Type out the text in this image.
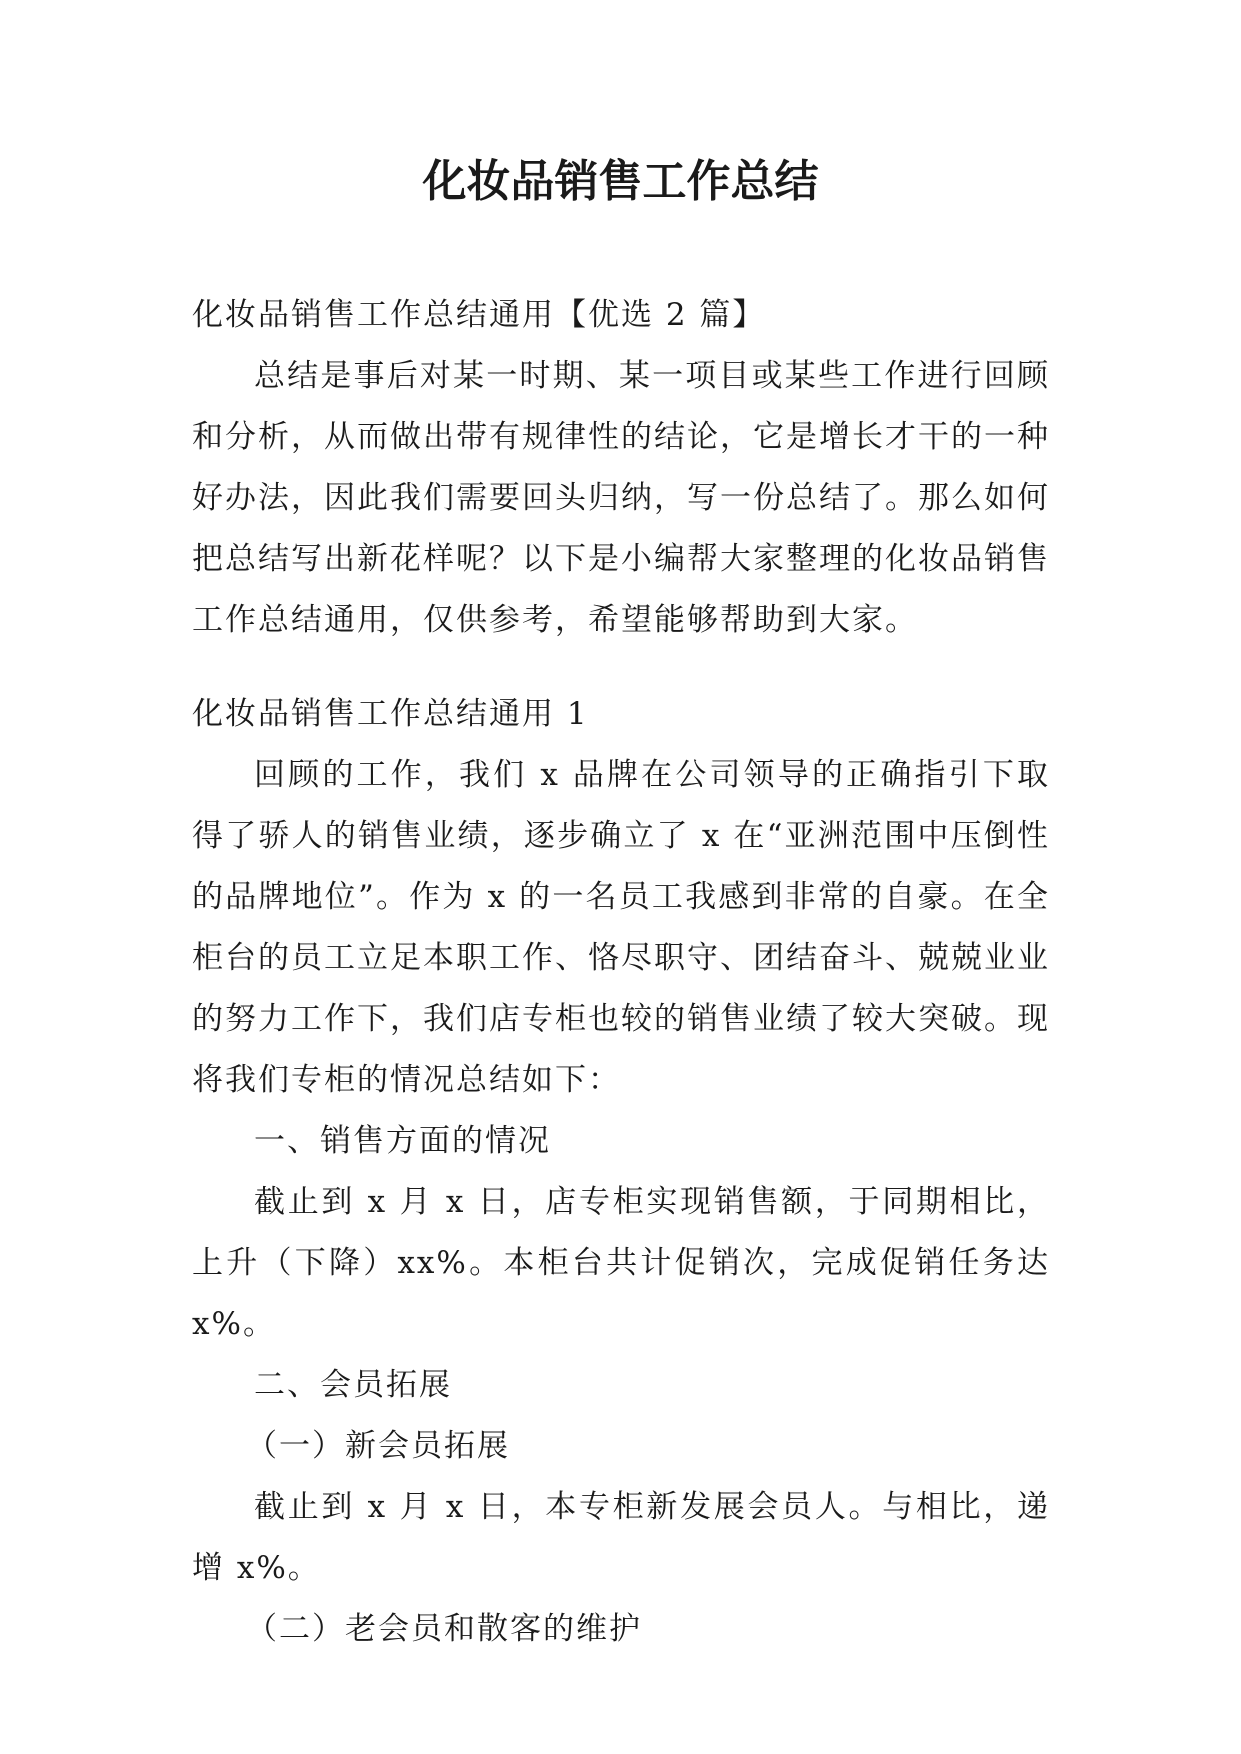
化妆品销售工作总结

化妆品销售工作总结通用【优选 2 篇】

总结是事后对某一时期、某一项目或某些工作进行回顾和分析，从而做出带有规律性的结论，它是增长才干的一种好办法，因此我们需要回头归纳，写一份总结了。那么如何把总结写出新花样呢？以下是小编帮大家整理的化妆品销售工作总结通用，仅供参考，希望能够帮助到大家。

化妆品销售工作总结通用 1

回顾的工作，我们 x 品牌在公司领导的正确指引下取得了骄人的销售业绩，逐步确立了 x 在“亚洲范围中压倒性的品牌地位”。作为 x 的一名员工我感到非常的自豪。在全柜台的员工立足本职工作、恪尽职守、团结奋斗、兢兢业业的努力工作下，我们店专柜也较的销售业绩了较大突破。现将我们专柜的情况总结如下：

一、销售方面的情况

截止到 x 月 x 日，店专柜实现销售额，于同期相比，上升（下降）xx%。本柜台共计促销次，完成促销任务达 x%。

二、会员拓展

（一）新会员拓展

截止到 x 月 x 日，本专柜新发展会员人。与相比，递增 x%。

（二）老会员和散客的维护
